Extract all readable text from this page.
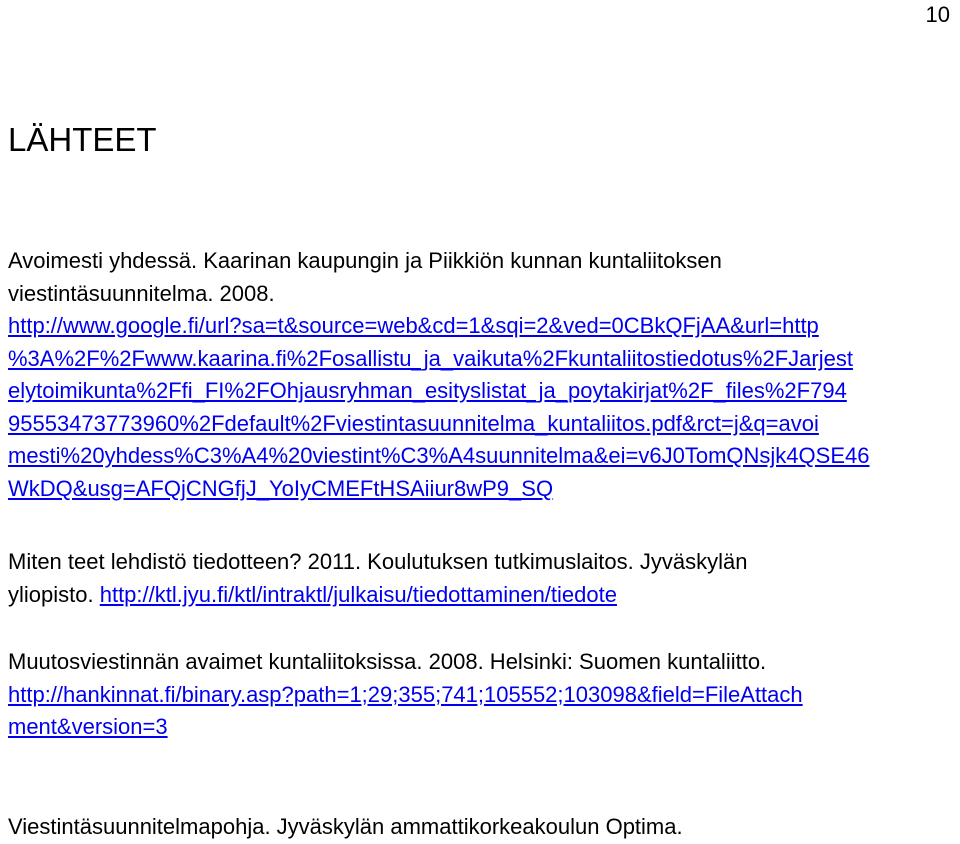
10
LÄHTEET
Avoimesti yhdessä. Kaarinan kaupungin ja Piikkiön kunnan kuntaliitoksen
viestintäsuunnitelma. 2008.
http://www.google.fi/url?sa=t&source=web&cd=1&sqi=2&ved=0CBkQFjAA&url=http
%3A%2F%2Fwww.kaarina.fi%2Fosallistu_ja_vaikuta%2Fkuntaliitostiedotus%2FJarjest
elytoimikunta%2Ffi_FI%2FOhjausryhman_esityslistat_ja_poytakirjat%2F_files%2F794
95553473773960%2Fdefault%2Fviestintasuunnitelma_kuntaliitos.pdf&rct=j&q=avoi
mesti%20yhdess%C3%A4%20viestint%C3%A4suunnitelma&ei=v6J0TomQNsjk4QSE46
WkDQ&usg=AFQjCNGfjJ_YoIyCMEFtHSAiiur8wP9_SQ
Miten teet lehdistö tiedotteen? 2011. Koulutuksen tutkimuslaitos. Jyväskylän
yliopisto. http://ktl.jyu.fi/ktl/intraktl/julkaisu/tiedottaminen/tiedote
Muutosviestinnän avaimet kuntaliitoksissa. 2008. Helsinki: Suomen kuntaliitto.
http://hankinnat.fi/binary.asp?path=1;29;355;741;105552;103098&field=FileAttach
ment&version=3
Viestintäsuunnitelmapohja. Jyväskylän ammattikorkeakoulun Optima.
